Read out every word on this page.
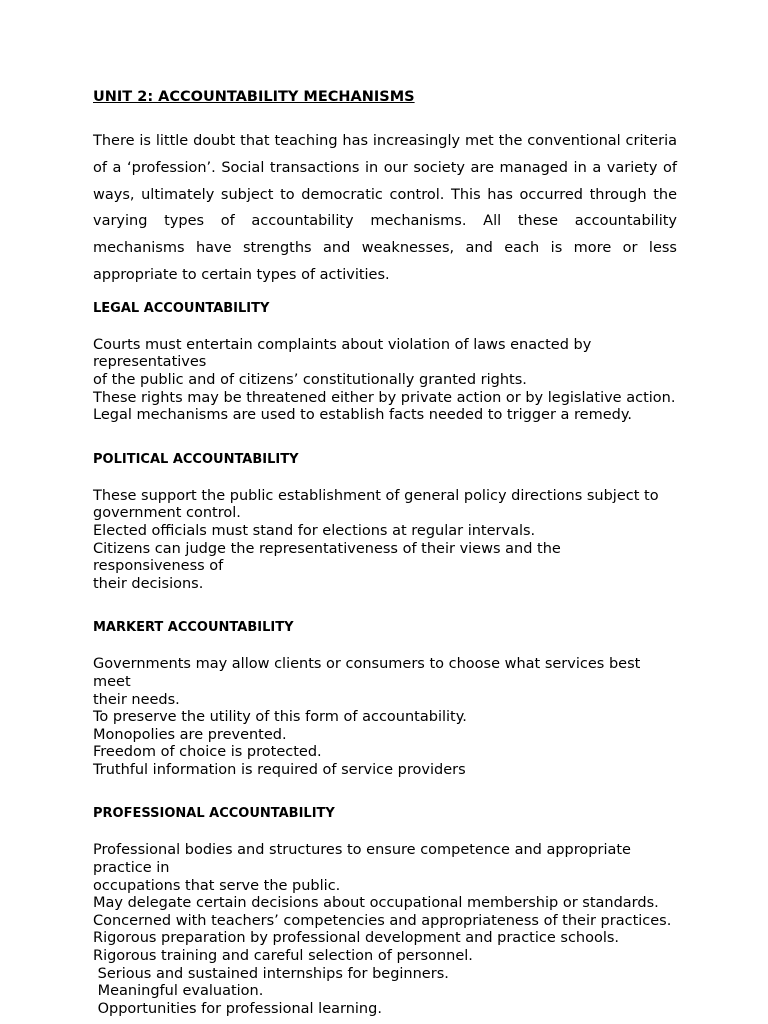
UNIT 2: ACCOUNTABILITY MECHANISMS

There is little doubt that teaching has increasingly met the conventional criteria of a ‘profession’. Social transactions in our society are managed in a variety of ways, ultimately subject to democratic control. This has occurred through the varying types of accountability mechanisms. All these accountability mechanisms have strengths and weaknesses, and each is more or less appropriate to certain types of activities.

LEGAL ACCOUNTABILITY
Courts must entertain complaints about violation of laws enacted by representatives
of the public and of citizens’ constitutionally granted rights.
These rights may be threatened either by private action or by legislative action.
Legal mechanisms are used to establish facts needed to trigger a remedy.
POLITICAL ACCOUNTABILITY
These support the public establishment of general policy directions subject to
government control.
Elected officials must stand for elections at regular intervals.
Citizens can judge the representativeness of their views and the responsiveness of
their decisions.
MARKERT ACCOUNTABILITY
Governments may allow clients or consumers to choose what services best meet
their needs.
To preserve the utility of this form of accountability.
Monopolies are prevented.
Freedom of choice is protected.
Truthful information is required of service providers
PROFESSIONAL ACCOUNTABILITY
Professional bodies and structures to ensure competence and appropriate practice in
occupations that serve the public.
May delegate certain decisions about occupational membership or standards.
Concerned with teachers’ competencies and appropriateness of their practices.
Rigorous preparation by professional development and practice schools.
Rigorous training and careful selection of personnel.
Serious and sustained internships for beginners.
Meaningful evaluation.
Opportunities for professional learning.
